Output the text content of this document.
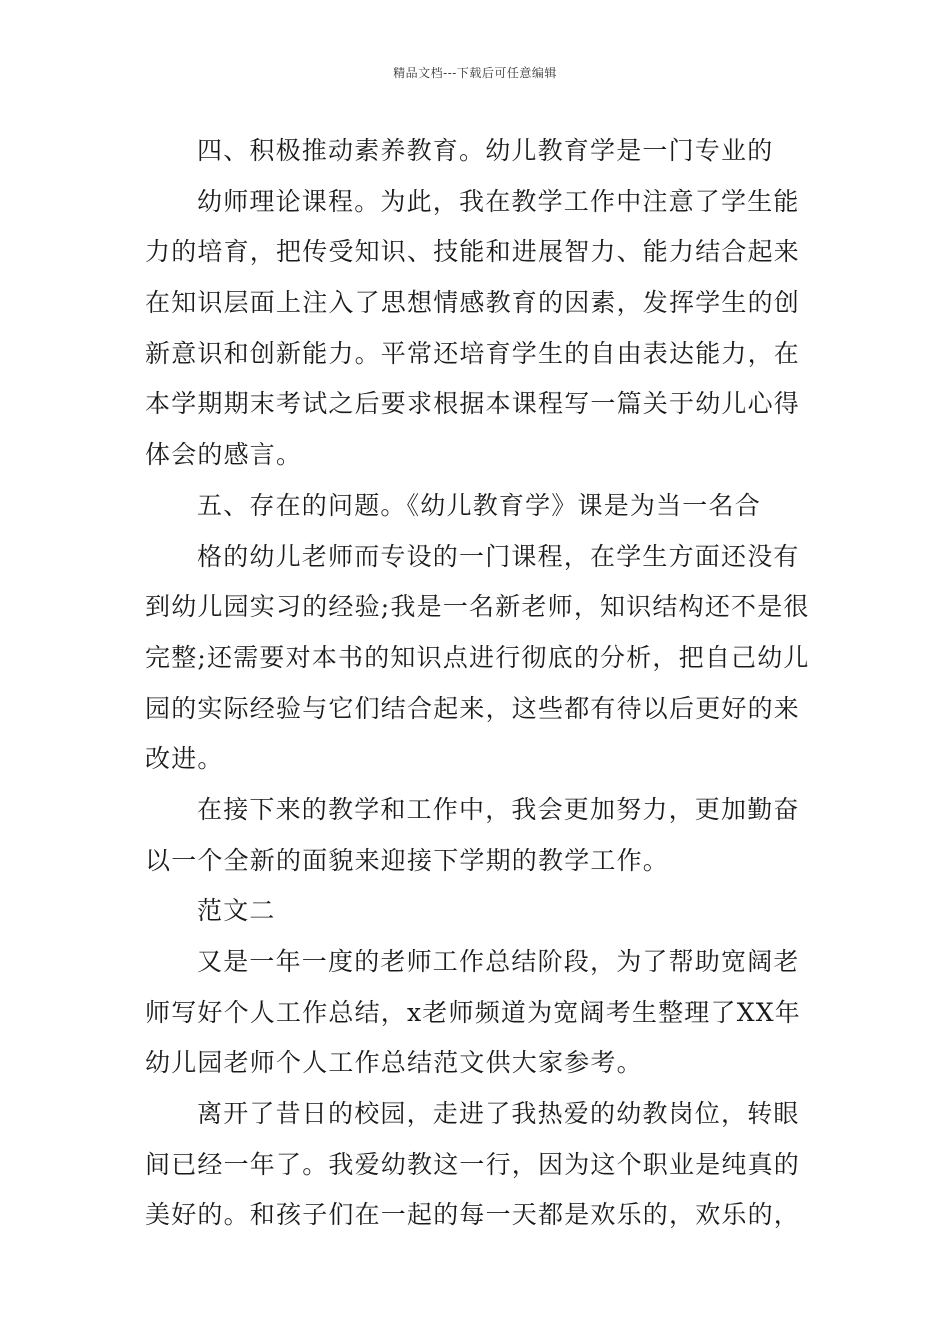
精品文档---下载后可任意编辑
四、积极推动素养教育。幼儿教育学是一门专业的
幼师理论课程。为此，我在教学工作中注意了学生能
力的培育，把传受知识、技能和进展智力、能力结合起来
在知识层面上注入了思想情感教育的因素，发挥学生的创
新意识和创新能力。平常还培育学生的自由表达能力，在
本学期期末考试之后要求根据本课程写一篇关于幼儿心得
体会的感言。
五、存在的问题。《幼儿教育学》课是为当一名合
格的幼儿老师而专设的一门课程，在学生方面还没有
到幼儿园实习的经验;我是一名新老师，知识结构还不是很
完整;还需要对本书的知识点进行彻底的分析，把自己幼儿
园的实际经验与它们结合起来，这些都有待以后更好的来
改进。
在接下来的教学和工作中，我会更加努力，更加勤奋
以一个全新的面貌来迎接下学期的教学工作。
范文二
又是一年一度的老师工作总结阶段，为了帮助宽阔老
师写好个人工作总结，x老师频道为宽阔考生整理了XX年
幼儿园老师个人工作总结范文供大家参考。
离开了昔日的校园，走进了我热爱的幼教岗位，转眼
间已经一年了。我爱幼教这一行，因为这个职业是纯真的
美好的。和孩子们在一起的每一天都是欢乐的，欢乐的，
